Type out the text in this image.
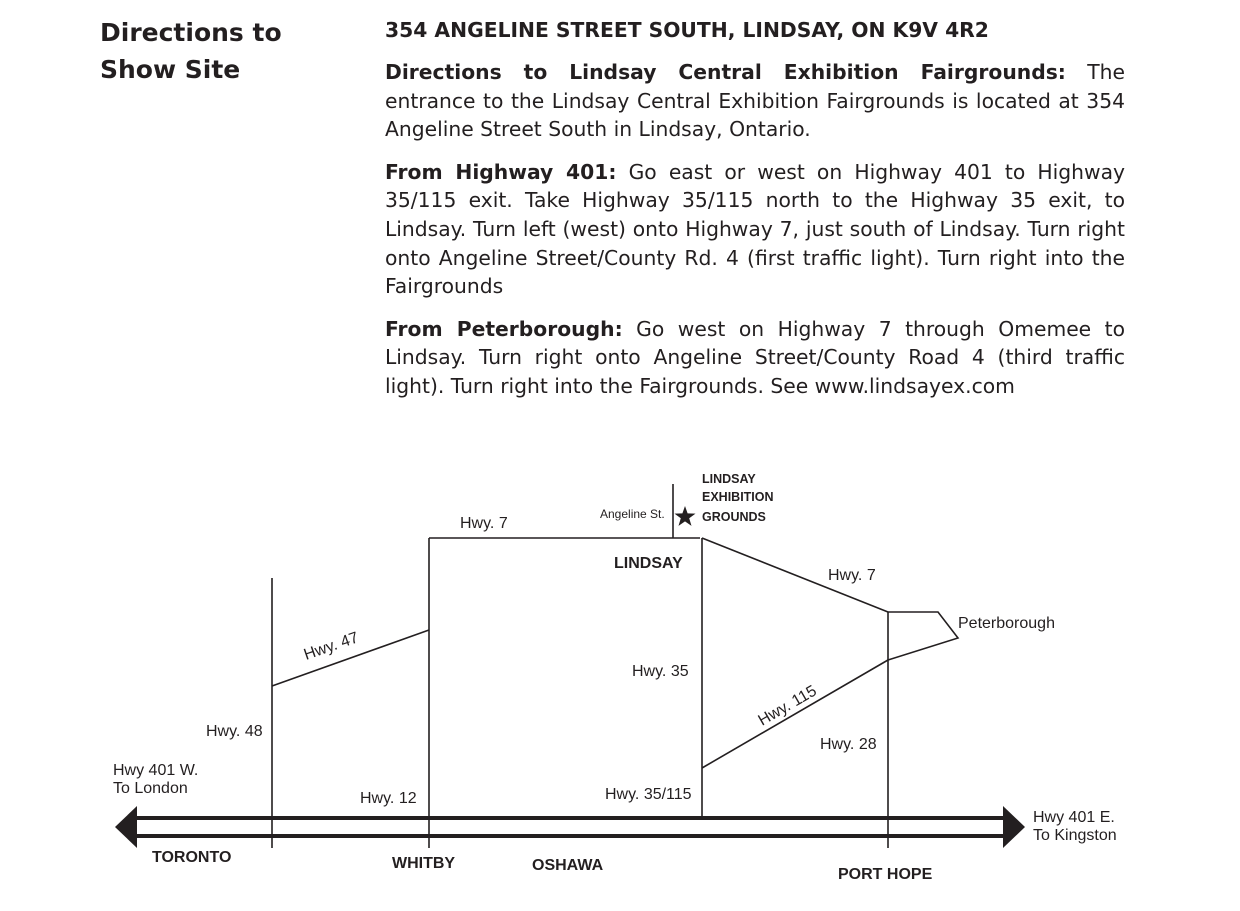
Directions to
Show Site

354 ANGELINE STREET SOUTH, LINDSAY, ON K9V 4R2

Directions to Lindsay Central Exhibition Fairgrounds: The entrance to the Lindsay Central Exhibition Fairgrounds is located at 354 Angeline Street South in Lindsay, Ontario.

From Highway 401: Go east or west on Highway 401 to Highway 35/115 exit. Take Highway 35/115 north to the Highway 35 exit, to Lindsay. Turn left (west) onto Highway 7, just south of Lindsay. Turn right onto Angeline Street/County Rd. 4 (first traffic light). Turn right into the Fairgrounds

From Peterborough: Go west on Highway 7 through Omemee to Lindsay. Turn right onto Angeline Street/County Road 4 (third traffic light). Turn right into the Fairgrounds. See www.lindsayex.com

LINDSAY
EXHIBITION
GROUNDS
Angeline St.
LINDSAY
Peterborough
TORONTO	WHITBY	OSHAWA
PORT HOPE
Hwy. 7
Hwy. 7
Hwy. 47
Hwy. 48
Hwy. 35
Hwy. 115
Hwy. 28
Hwy. 12	Hwy. 35/115
Hwy 401 W.
To London
Hwy 401 E.
To Kingston
